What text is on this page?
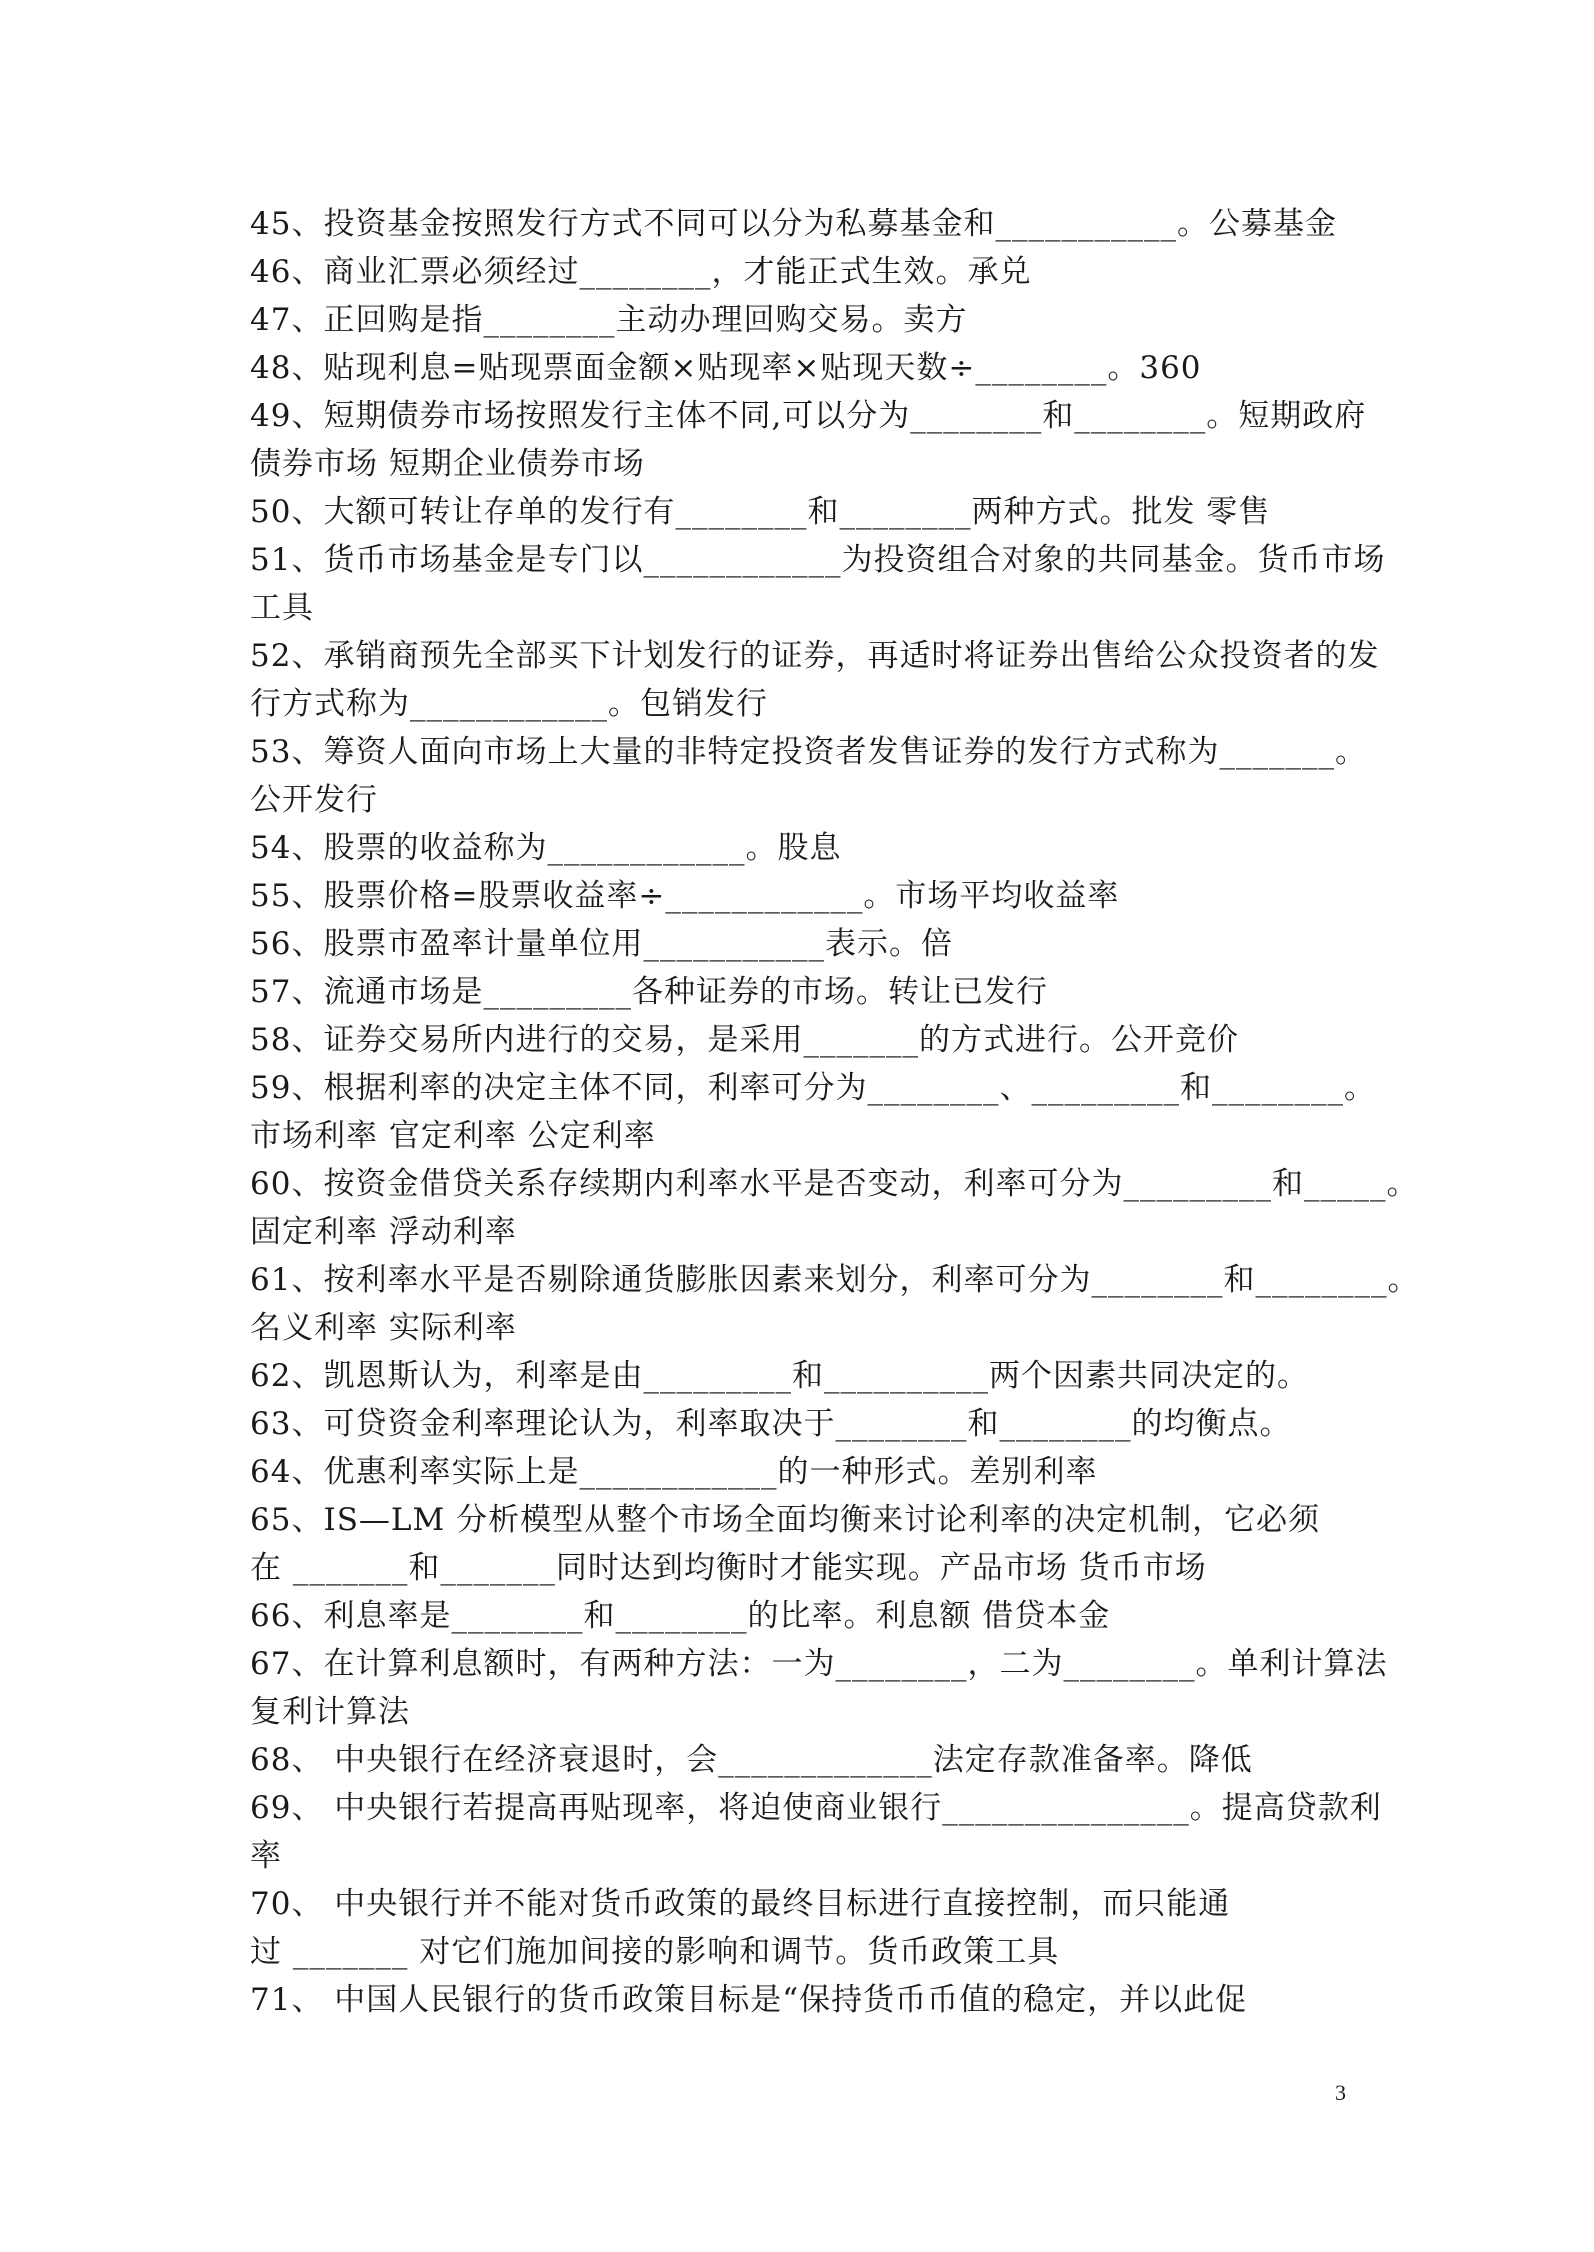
45、投资基金按照发行方式不同可以分为私募基金和___________。公募基金
46、商业汇票必须经过________，才能正式生效。承兑
47、正回购是指________主动办理回购交易。卖方
48、贴现利息=贴现票面金额×贴现率×贴现天数÷________。360
49、短期债券市场按照发行主体不同,可以分为________和________。短期政府
债券市场 短期企业债券市场
50、大额可转让存单的发行有________和________两种方式。批发 零售
51、货币市场基金是专门以____________为投资组合对象的共同基金。货币市场
工具
52、承销商预先全部买下计划发行的证券，再适时将证券出售给公众投资者的发
行方式称为____________。包销发行
53、筹资人面向市场上大量的非特定投资者发售证券的发行方式称为_______。
公开发行
54、股票的收益称为____________。股息
55、股票价格=股票收益率÷____________。市场平均收益率
56、股票市盈率计量单位用___________表示。倍
57、流通市场是_________各种证券的市场。转让已发行
58、证券交易所内进行的交易，是采用_______的方式进行。公开竞价
59、根据利率的决定主体不同，利率可分为________、_________和________。
市场利率 官定利率 公定利率
60、按资金借贷关系存续期内利率水平是否变动，利率可分为_________和_____。
固定利率 浮动利率
61、按利率水平是否剔除通货膨胀因素来划分，利率可分为________和________。
名义利率 实际利率
62、凯恩斯认为，利率是由_________和__________两个因素共同决定的。
63、可贷资金利率理论认为，利率取决于________和________的均衡点。
64、优惠利率实际上是____________的一种形式。差别利率
65、IS—LM 分析模型从整个市场全面均衡来讨论利率的决定机制，它必须
在 _______和_______同时达到均衡时才能实现。产品市场 货币市场
66、利息率是________和________的比率。利息额 借贷本金
67、在计算利息额时，有两种方法：一为________，二为________。单利计算法
复利计算法
68、 中央银行在经济衰退时，会_____________法定存款准备率。降低
69、 中央银行若提高再贴现率，将迫使商业银行_______________。提高贷款利
率
70、 中央银行并不能对货币政策的最终目标进行直接控制，而只能通
过 _______ 对它们施加间接的影响和调节。货币政策工具
71、 中国人民银行的货币政策目标是“保持货币币值的稳定，并以此促
3
